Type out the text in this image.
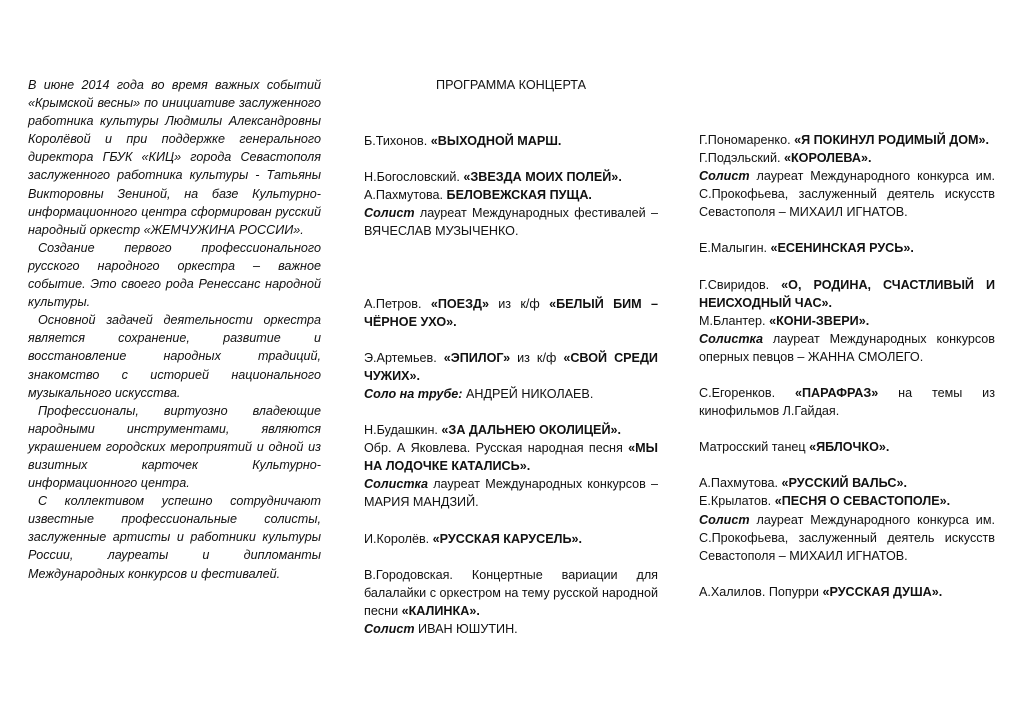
В июне 2014 года во время важных событий «Крымской весны» по инициативе заслуженного работника культуры Людмилы Александровны Королёвой и при поддержке генерального директора ГБУК «КИЦ» города Севастополя заслуженного работника культуры - Татьяны Викторовны Зениной, на базе Культурно-информационного центра сформирован русский народный оркестр «ЖЕМЧУЖИНА РОССИИ».

Создание первого профессионального русского народного оркестра – важное событие. Это своего рода Ренессанс народной культуры.

Основной задачей деятельности оркестра является сохранение, развитие и восстановление народных традиций, знакомство с историей национального музыкального искусства.

Профессионалы, виртуозно владеющие народными инструментами, являются украшением городских мероприятий и одной из визитных карточек Культурно-информационного центра.

С коллективом успешно сотрудничают известные профессиональные солисты, заслуженные артисты и работники культуры России, лауреаты и дипломанты Международных конкурсов и фестивалей.

ПРОГРАММА КОНЦЕРТА

Б.Тихонов. «ВЫХОДНОЙ МАРШ.

Н.Богословский. «ЗВЕЗДА МОИХ ПОЛЕЙ».

А.Пахмутова. БЕЛОВЕЖСКАЯ ПУЩА.

Солист лауреат Международных фестивалей – ВЯЧЕСЛАВ МУЗЫЧЕНКО.

А.Петров. «ПОЕЗД» из к/ф «БЕЛЫЙ БИМ – ЧЁРНОЕ УХО».

Э.Артемьев. «ЭПИЛОГ» из к/ф «СВОЙ СРЕДИ ЧУЖИХ».

Соло на трубе: АНДРЕЙ НИКОЛАЕВ.

Н.Будашкин. «ЗА ДАЛЬНЕЮ ОКОЛИЦЕЙ».

Обр. А Яковлева. Русская народная песня «МЫ НА ЛОДОЧКЕ КАТАЛИСЬ».

Солистка лауреат Международных конкурсов – МАРИЯ МАНДЗИЙ.

И.Королёв. «РУССКАЯ КАРУСЕЛЬ».

В.Городовская. Концертные вариации для балалайки с оркестром на тему русской народной песни «КАЛИНКА».

Солист ИВАН ЮШУТИН.

Г.Пономаренко. «Я ПОКИНУЛ РОДИМЫЙ ДОМ».

Г.Подэльский. «КОРОЛЕВА».

Солист лауреат Международного конкурса им. С.Прокофьева, заслуженный деятель искусств Севастополя – МИХАИЛ ИГНАТОВ.

Е.Малыгин. «ЕСЕНИНСКАЯ РУСЬ».

Г.Свиридов. «О, РОДИНА, СЧАСТЛИВЫЙ И НЕИСХОДНЫЙ ЧАС».

М.Блантер. «КОНИ-ЗВЕРИ».

Солистка лауреат Международных конкурсов оперных певцов – ЖАННА СМОЛЕГО.

С.Егоренков. «ПАРАФРАЗ» на темы из кинофильмов Л.Гайдая.

Матросский танец «ЯБЛОЧКО».

А.Пахмутова. «РУССКИЙ ВАЛЬС».

Е.Крылатов. «ПЕСНЯ О СЕВАСТОПОЛЕ».

Солист лауреат Международного конкурса им. С.Прокофьева, заслуженный деятель искусств Севастополя – МИХАИЛ ИГНАТОВ.

А.Халилов. Попурри «РУССКАЯ ДУША».
